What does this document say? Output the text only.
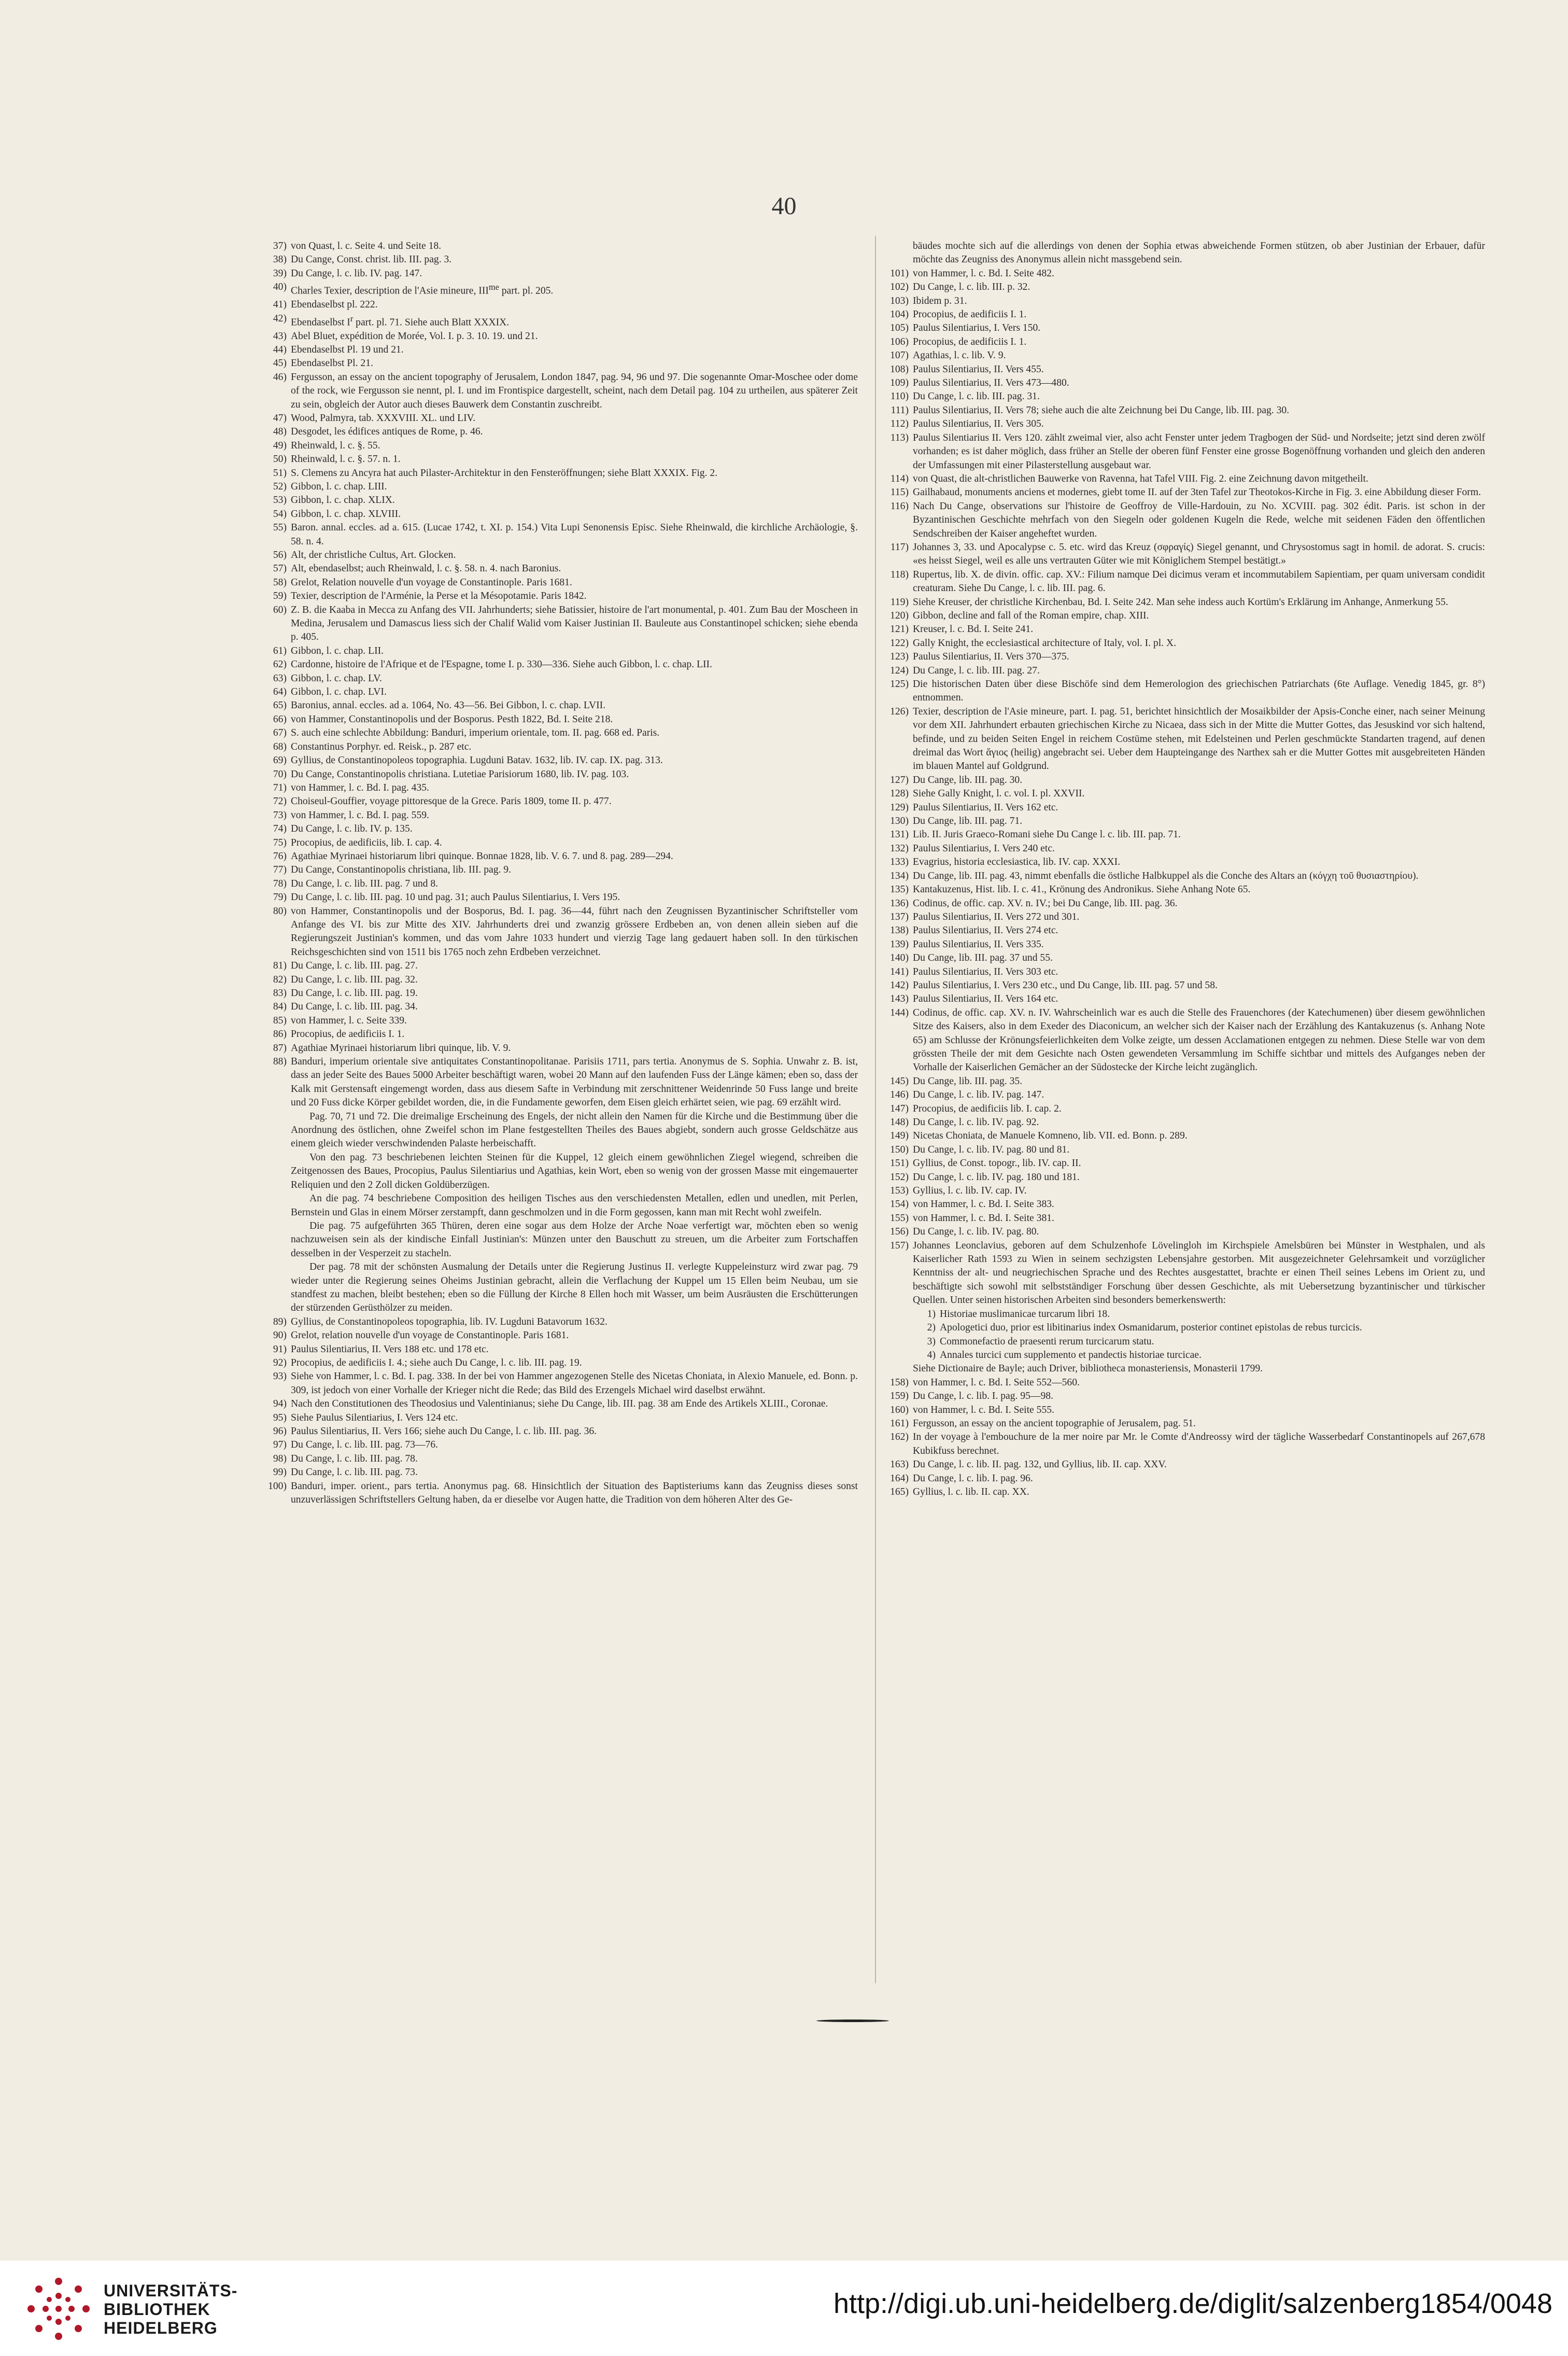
40
37) von Quast, l. c. Seite 4. und Seite 18.
38) Du Cange, Const. christ. lib. III. pag. 3.
39) Du Cange, l. c. lib. IV. pag. 147.
40) Charles Texier, description de l'Asie mineure, $III^{me}$ part. pl. 205.
41) Ebendaselbst pl. 222.
42) Ebendaselbst $I^r$ part. pl. 71. Siehe auch Blatt XXXIX.
43) Abel Bluet, expédition de Morée, Vol. I. p. 3. 10. 19. und 21.
44) Ebendaselbst Pl. 19 und 21.
45) Ebendaselbst Pl. 21.
46) Fergusson, an essay on the ancient topography of Jerusalem, London 1847, pag. 94, 96 und 97. Die sogenannte Omar-Moschee oder dome of the rock, wie Fergusson sie nennt, pl. I. und im Frontispice dargestellt, scheint, nach dem Detail pag. 104 zu urtheilen, aus späterer Zeit zu sein, obgleich der Autor auch dieses Bauwerk dem Constantin zuschreibt.
47) Wood, Palmyra, tab. XXXVIII. XL. und LIV.
48) Desgodet, les édifices antiques de Rome, p. 46.
49) Rheinwald, l. c. §. 55.
50) Rheinwald, l. c. §. 57. n. 1.
51) S. Clemens zu Ancyra hat auch Pilaster-Architektur in den Fensteröffnungen; siehe Blatt XXXIX. Fig. 2.
52) Gibbon, l. c. chap. LIII.
53) Gibbon, l. c. chap. XLIX.
54) Gibbon, l. c. chap. XLVIII.
55) Baron. annal. eccles. ad a. 615. (Lucae 1742, t. XI. p. 154.) Vita Lupi Senonensis Episc. Siehe Rheinwald, die kirchliche Archäologie, §. 58. n. 4.
56) Alt, der christliche Cultus, Art. Glocken.
57) Alt, ebendaselbst; auch Rheinwald, l. c. §. 58. n. 4. nach Baronius.
58) Grelot, Relation nouvelle d'un voyage de Constantinople. Paris 1681.
59) Texier, description de l'Arménie, la Perse et la Mésopotamie. Paris 1842.
60) Z. B. die Kaaba in Mecca zu Anfang des VII. Jahrhunderts; siehe Batissier, histoire de l'art monumental, p. 401. Zum Bau der Moscheen in Medina, Jerusalem und Damascus liess sich der Chalif Walid vom Kaiser Justinian II. Bauleute aus Constantinopel schicken; siehe ebenda p. 405.
61) Gibbon, l. c. chap. LII.
62) Cardonne, histoire de l'Afrique et de l'Espagne, tome I. p. 330—336. Siehe auch Gibbon, l. c. chap. LII.
63) Gibbon, l. c. chap. LV.
64) Gibbon, l. c. chap. LVI.
65) Baronius, annal. eccles. ad a. 1064, No. 43—56. Bei Gibbon, l. c. chap. LVII.
66) von Hammer, Constantinopolis und der Bosporus. Pesth 1822, Bd. I. Seite 218.
67) S. auch eine schlechte Abbildung: Banduri, imperium orientale, tom. II. pag. 668 ed. Paris.
68) Constantinus Porphyr. ed. Reisk., p. 287 etc.
69) Gyllius, de Constantinopoleos topographia. Lugduni Batav. 1632, lib. IV. cap. IX. pag. 313.
70) Du Cange, Constantinopolis christiana. Lutetiae Parisiorum 1680, lib. IV. pag. 103.
71) von Hammer, l. c. Bd. I. pag. 435.
72) Choiseul-Gouffier, voyage pittoresque de la Grece. Paris 1809, tome II. p. 477.
73) von Hammer, l. c. Bd. I. pag. 559.
74) Du Cange, l. c. lib. IV. p. 135.
75) Procopius, de aedificiis, lib. I. cap. 4.
76) Agathiae Myrinaei historiarum libri quinque. Bonnae 1828, lib. V. 6. 7. und 8. pag. 289—294.
77) Du Cange, Constantinopolis christiana, lib. III. pag. 9.
78) Du Cange, l. c. lib. III. pag. 7 und 8.
79) Du Cange, l. c. lib. III. pag. 10 und pag. 31; auch Paulus Silentiarius, I. Vers 195.
80) von Hammer, Constantinopolis und der Bosporus, Bd. I. pag. 36—44, führt nach den Zeugnissen Byzantinischer Schriftsteller vom Anfange des VI. bis zur Mitte des XIV. Jahrhunderts drei und zwanzig grössere Erdbeben an, von denen allein sieben auf die Regierungszeit Justinian's kommen, und das vom Jahre 1033 hundert und vierzig Tage lang gedauert haben soll. In den türkischen Reichsgeschichten sind von 1511 bis 1765 noch zehn Erdbeben verzeichnet.
81) Du Cange, l. c. lib. III. pag. 27.
82) Du Cange, l. c. lib. III. pag. 32.
83) Du Cange, l. c. lib. III. pag. 19.
84) Du Cange, l. c. lib. III. pag. 34.
85) von Hammer, l. c. Seite 339.
86) Procopius, de aedificiis I. 1.
87) Agathiae Myrinaei historiarum libri quinque, lib. V. 9.
88) Banduri, imperium orientale sive antiquitates Constantinopolitanae. Parisiis 1711, pars tertia. Anonymus de S. Sophia. Unwahr z. B. ist, dass an jeder Seite des Baues 5000 Arbeiter beschäftigt waren, wobei 20 Mann auf den laufenden Fuss der Länge kämen; eben so, dass der Kalk mit Gerstensaft eingemengt worden, dass aus diesem Safte in Verbindung mit zerschnittener Weidenrinde 50 Fuss lange und breite und 20 Fuss dicke Körper gebildet worden, die, in die Fundamente geworfen, dem Eisen gleich erhärtet seien, wie pag. 69 erzählt wird.
Pag. 70, 71 und 72. Die dreimalige Erscheinung des Engels, der nicht allein den Namen für die Kirche und die Bestimmung über die Anordnung des östlichen, ohne Zweifel schon im Plane festgestellten Theiles des Baues abgiebt, sondern auch grosse Geldschätze aus einem gleich wieder verschwindenden Palaste herbeischafft.
Von den pag. 73 beschriebenen leichten Steinen für die Kuppel, 12 gleich einem gewöhnlichen Ziegel wiegend, schreiben die Zeitgenossen des Baues, Procopius, Paulus Silentiarius und Agathias, kein Wort, eben so wenig von der grossen Masse mit eingemauerter Reliquien und den 2 Zoll dicken Goldüberzügen.
An die pag. 74 beschriebene Composition des heiligen Tisches aus den verschiedensten Metallen, edlen und unedlen, mit Perlen, Bernstein und Glas in einem Mörser zerstampft, dann geschmolzen und in die Form gegossen, kann man mit Recht wohl zweifeln.
Die pag. 75 aufgeführten 365 Thüren, deren eine sogar aus dem Holze der Arche Noae verfertigt war, möchten eben so wenig nachzuweisen sein als der kindische Einfall Justinian's: Münzen unter den Bauschutt zu streuen, um die Arbeiter zum Fortschaffen desselben in der Vesperzeit zu stacheln.
Der pag. 78 mit der schönsten Ausmalung der Details unter die Regierung Justinus II. verlegte Kuppeleinsturz wird zwar pag. 79 wieder unter die Regierung seines Oheims Justinian gebracht, allein die Verflachung der Kuppel um 15 Ellen beim Neubau, um sie standfest zu machen, bleibt bestehen; eben so die Füllung der Kirche 8 Ellen hoch mit Wasser, um beim Ausräusten die Erschütterungen der stürzenden Gerüsthölzer zu meiden.
89) Gyllius, de Constantinopoleos topographia, lib. IV. Lugduni Batavorum 1632.
90) Grelot, relation nouvelle d'un voyage de Constantinople. Paris 1681.
91) Paulus Silentiarius, II. Vers 188 etc. und 178 etc.
92) Procopius, de aedificiis I. 4.; siehe auch Du Cange, l. c. lib. III. pag. 19.
93) Siehe von Hammer, l. c. Bd. I. pag. 338. In der bei von Hammer angezogenen Stelle des Nicetas Choniata, in Alexio Manuele, ed. Bonn. p. 309, ist jedoch von einer Vorhalle der Krieger nicht die Rede; das Bild des Erzengels Michael wird daselbst erwähnt.
94) Nach den Constitutionen des Theodosius und Valentinianus; siehe Du Cange, lib. III. pag. 38 am Ende des Artikels XLIII., Coronae.
95) Siehe Paulus Silentiarius, I. Vers 124 etc.
96) Paulus Silentiarius, II. Vers 166; siehe auch Du Cange, l. c. lib. III. pag. 36.
97) Du Cange, l. c. lib. III. pag. 73—76.
98) Du Cange, l. c. lib. III. pag. 78.
99) Du Cange, l. c. lib. III. pag. 73.
100) Banduri, imper. orient., pars tertia. Anonymus pag. 68. Hinsichtlich der Situation des Baptisteriums kann das Zeugniss dieses sonst unzuverlässigen Schriftstellers Geltung haben, da er dieselbe vor Augen hatte, die Tradition von dem höheren Alter des Ge-
bäudes mochte sich auf die allerdings von denen der Sophia etwas abweichende Formen stützen, ob aber Justinian der Erbauer, dafür möchte das Zeugniss des Anonymus allein nicht massgebend sein.
101) von Hammer, l. c. Bd. I. Seite 482.
102) Du Cange, l. c. lib. III. p. 32.
103) Ibidem p. 31.
104) Procopius, de aedificiis I. 1.
105) Paulus Silentiarius, I. Vers 150.
106) Procopius, de aedificiis I. 1.
107) Agathias, l. c. lib. V. 9.
108) Paulus Silentiarius, II. Vers 455.
109) Paulus Silentiarius, II. Vers 473—480.
110) Du Cange, l. c. lib. III. pag. 31.
111) Paulus Silentiarius, II. Vers 78; siehe auch die alte Zeichnung bei Du Cange, lib. III. pag. 30.
112) Paulus Silentiarius, II. Vers 305.
113) Paulus Silentiarius II. Vers 120. zählt zweimal vier, also acht Fenster unter jedem Tragbogen der Süd- und Nordseite; jetzt sind deren zwölf vorhanden; es ist daher möglich, dass früher an Stelle der oberen fünf Fenster eine grosse Bogenöffnung vorhanden und gleich den anderen der Umfassungen mit einer Pilasterstellung ausgebaut war.
114) von Quast, die alt-christlichen Bauwerke von Ravenna, hat Tafel VIII. Fig. 2. eine Zeichnung davon mitgetheilt.
115) Gailhabaud, monuments anciens et modernes, giebt tome II. auf der 3ten Tafel zur Theotokos-Kirche in Fig. 3. eine Abbildung dieser Form.
116) Nach Du Cange, observations sur l'histoire de Geoffroy de Ville-Hardouin, zu No. XCVIII. pag. 302 édit. Paris. ist schon in der Byzantinischen Geschichte mehrfach von den Siegeln oder goldenen Kugeln die Rede, welche mit seidenen Fäden den öffentlichen Sendschreiben der Kaiser angeheftet wurden.
117) Johannes 3, 33. und Apocalypse c. 5. etc. wird das Kreuz (σφραγίς) Siegel genannt, und Chrysostomus sagt in homil. de adorat. S. crucis: «es heisst Siegel, weil es alle uns vertrauten Güter wie mit Königlichem Stempel bestätigt.»
118) Rupertus, lib. X. de divin. offic. cap. XV.: Filium namque Dei dicimus veram et incommutabilem Sapientiam, per quam universam condidit creaturam. Siehe Du Cange, l. c. lib. III. pag. 6.
119) Siehe Kreuser, der christliche Kirchenbau, Bd. I. Seite 242. Man sehe indess auch Kortüm's Erklärung im Anhange, Anmerkung 55.
120) Gibbon, decline and fall of the Roman empire, chap. XIII.
121) Kreuser, l. c. Bd. I. Seite 241.
122) Gally Knight, the ecclesiastical architecture of Italy, vol. I. pl. X.
123) Paulus Silentiarius, II. Vers 370—375.
124) Du Cange, l. c. lib. III. pag. 27.
125) Die historischen Daten über diese Bischöfe sind dem Hemerologion des griechischen Patriarchats (6te Auflage. Venedig 1845, gr. 8°) entnommen.
126) Texier, description de l'Asie mineure, part. I. pag. 51, berichtet hinsichtlich der Mosaikbilder der Apsis-Conche einer, nach seiner Meinung vor dem XII. Jahrhundert erbauten griechischen Kirche zu Nicaea, dass sich in der Mitte die Mutter Gottes, das Jesuskind vor sich haltend, befinde, und zu beiden Seiten Engel in reichem Costüme stehen, mit Edelsteinen und Perlen geschmückte Standarten tragend, auf denen dreimal das Wort ἅγιος (heilig) angebracht sei. Ueber dem Haupteingange des Narthex sah er die Mutter Gottes mit ausgebreiteten Händen im blauen Mantel auf Goldgrund.
127) Du Cange, lib. III. pag. 30.
128) Siehe Gally Knight, l. c. vol. I. pl. XXVII.
129) Paulus Silentiarius, II. Vers 162 etc.
130) Du Cange, lib. III. pag. 71.
131) Lib. II. Juris Graeco-Romani siehe Du Cange l. c. lib. III. pap. 71.
132) Paulus Silentiarius, I. Vers 240 etc.
133) Evagrius, historia ecclesiastica, lib. IV. cap. XXXI.
134) Du Cange, lib. III. pag. 43, nimmt ebenfalls die östliche Halbkuppel als die Conche des Altars an (κόγχη τοῦ θυσιαστηρίου).
135) Kantakuzenus, Hist. lib. I. c. 41., Krönung des Andronikus. Siehe Anhang Note 65.
136) Codinus, de offic. cap. XV. n. IV.; bei Du Cange, lib. III. pag. 36.
137) Paulus Silentiarius, II. Vers 272 und 301.
138) Paulus Silentiarius, II. Vers 274 etc.
139) Paulus Silentiarius, II. Vers 335.
140) Du Cange, lib. III. pag. 37 und 55.
141) Paulus Silentiarius, II. Vers 303 etc.
142) Paulus Silentiarius, I. Vers 230 etc., und Du Cange, lib. III. pag. 57 und 58.
143) Paulus Silentiarius, II. Vers 164 etc.
144) Codinus, de offic. cap. XV. n. IV. Wahrscheinlich war es auch die Stelle des Frauenchores (der Katechumenen) über diesem gewöhnlichen Sitze des Kaisers, also in dem Exeder des Diaconicum, an welcher sich der Kaiser nach der Erzählung des Kantakuzenus (s. Anhang Note 65) am Schlusse der Krönungsfeierlichkeiten dem Volke zeigte, um dessen Acclamationen entgegen zu nehmen. Diese Stelle war von dem grössten Theile der mit dem Gesichte nach Osten gewendeten Versammlung im Schiffe sichtbar und mittels des Aufganges neben der Vorhalle der Kaiserlichen Gemächer an der Südostecke der Kirche leicht zugänglich.
145) Du Cange, lib. III. pag. 35.
146) Du Cange, l. c. lib. IV. pag. 147.
147) Procopius, de aedificiis lib. I. cap. 2.
148) Du Cange, l. c. lib. IV. pag. 92.
149) Nicetas Choniata, de Manuele Komneno, lib. VII. ed. Bonn. p. 289.
150) Du Cange, l. c. lib. IV. pag. 80 und 81.
151) Gyllius, de Const. topogr., lib. IV. cap. II.
152) Du Cange, l. c. lib. IV. pag. 180 und 181.
153) Gyllius, l. c. lib. IV. cap. IV.
154) von Hammer, l. c. Bd. I. Seite 383.
155) von Hammer, l. c. Bd. I. Seite 381.
156) Du Cange, l. c. lib. IV. pag. 80.
157) Johannes Leonclavius, geboren auf dem Schulzenhofe Lövelingloh im Kirchspiele Amelsbüren bei Münster in Westphalen, und als Kaiserlicher Rath 1593 zu Wien in seinem sechzigsten Lebensjahre gestorben. Mit ausgezeichneter Gelehrsamkeit und vorzüglicher Kenntniss der alt- und neugriechischen Sprache und des Rechtes ausgestattet, brachte er einen Theil seines Lebens im Orient zu, und beschäftigte sich sowohl mit selbstständiger Forschung über dessen Geschichte, als mit Uebersetzung byzantinischer und türkischer Quellen. Unter seinen historischen Arbeiten sind besonders bemerkenswerth:
1) Historiae muslimanicae turcarum libri 18.
2) Apologetici duo, prior est libitinarius index Osmanidarum, posterior continet epistolas de rebus turcicis.
3) Commonefactio de praesenti rerum turcicarum statu.
4) Annales turcici cum supplemento et pandectis historiae turcicae.
Siehe Dictionaire de Bayle; auch Driver, bibliotheca monasteriensis, Monasterii 1799.
158) von Hammer, l. c. Bd. I. Seite 552—560.
159) Du Cange, l. c. lib. I. pag. 95—98.
160) von Hammer, l. c. Bd. I. Seite 555.
161) Fergusson, an essay on the ancient topographie of Jerusalem, pag. 51.
162) In der voyage à l'embouchure de la mer noire par Mr. le Comte d'Andreossy wird der tägliche Wasserbedarf Constantinopels auf 267,678 Kubikfuss berechnet.
163) Du Cange, l. c. lib. II. pag. 132, und Gyllius, lib. II. cap. XXV.
164) Du Cange, l. c. lib. I. pag. 96.
165) Gyllius, l. c. lib. II. cap. XX.
UNIVERSITÄTS-
BIBLIOTHEK
HEIDELBERG
http://digi.ub.uni-heidelberg.de/diglit/salzenberg1854/0048
